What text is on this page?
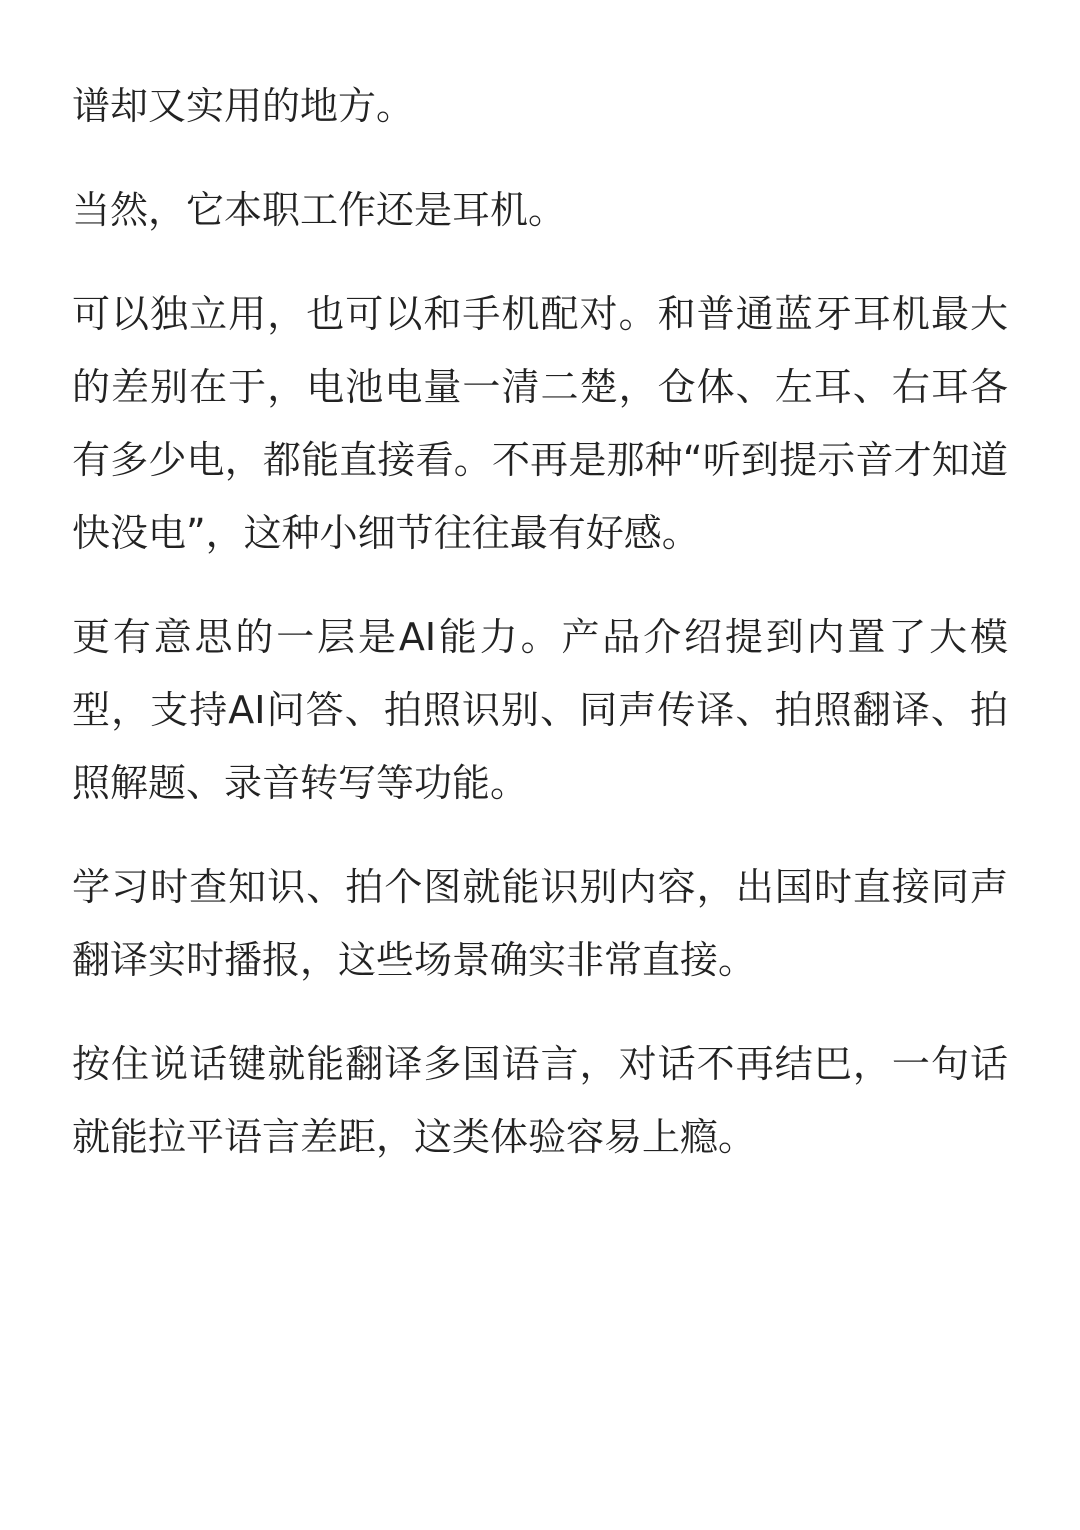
谱却又实用的地方。

当然，它本职工作还是耳机。

可以独立用，也可以和手机配对。和普通蓝牙耳机最大的差别在于，电池电量一清二楚，仓体、左耳、右耳各有多少电，都能直接看。不再是那种“听到提示音才知道快没电”，这种小细节往往最有好感。

更有意思的一层是AI能力。产品介绍提到内置了大模型，支持AI问答、拍照识别、同声传译、拍照翻译、拍照解题、录音转写等功能。

学习时查知识、拍个图就能识别内容，出国时直接同声翻译实时播报，这些场景确实非常直接。

按住说话键就能翻译多国语言，对话不再结巴，一句话就能拉平语言差距，这类体验容易上瘾。
